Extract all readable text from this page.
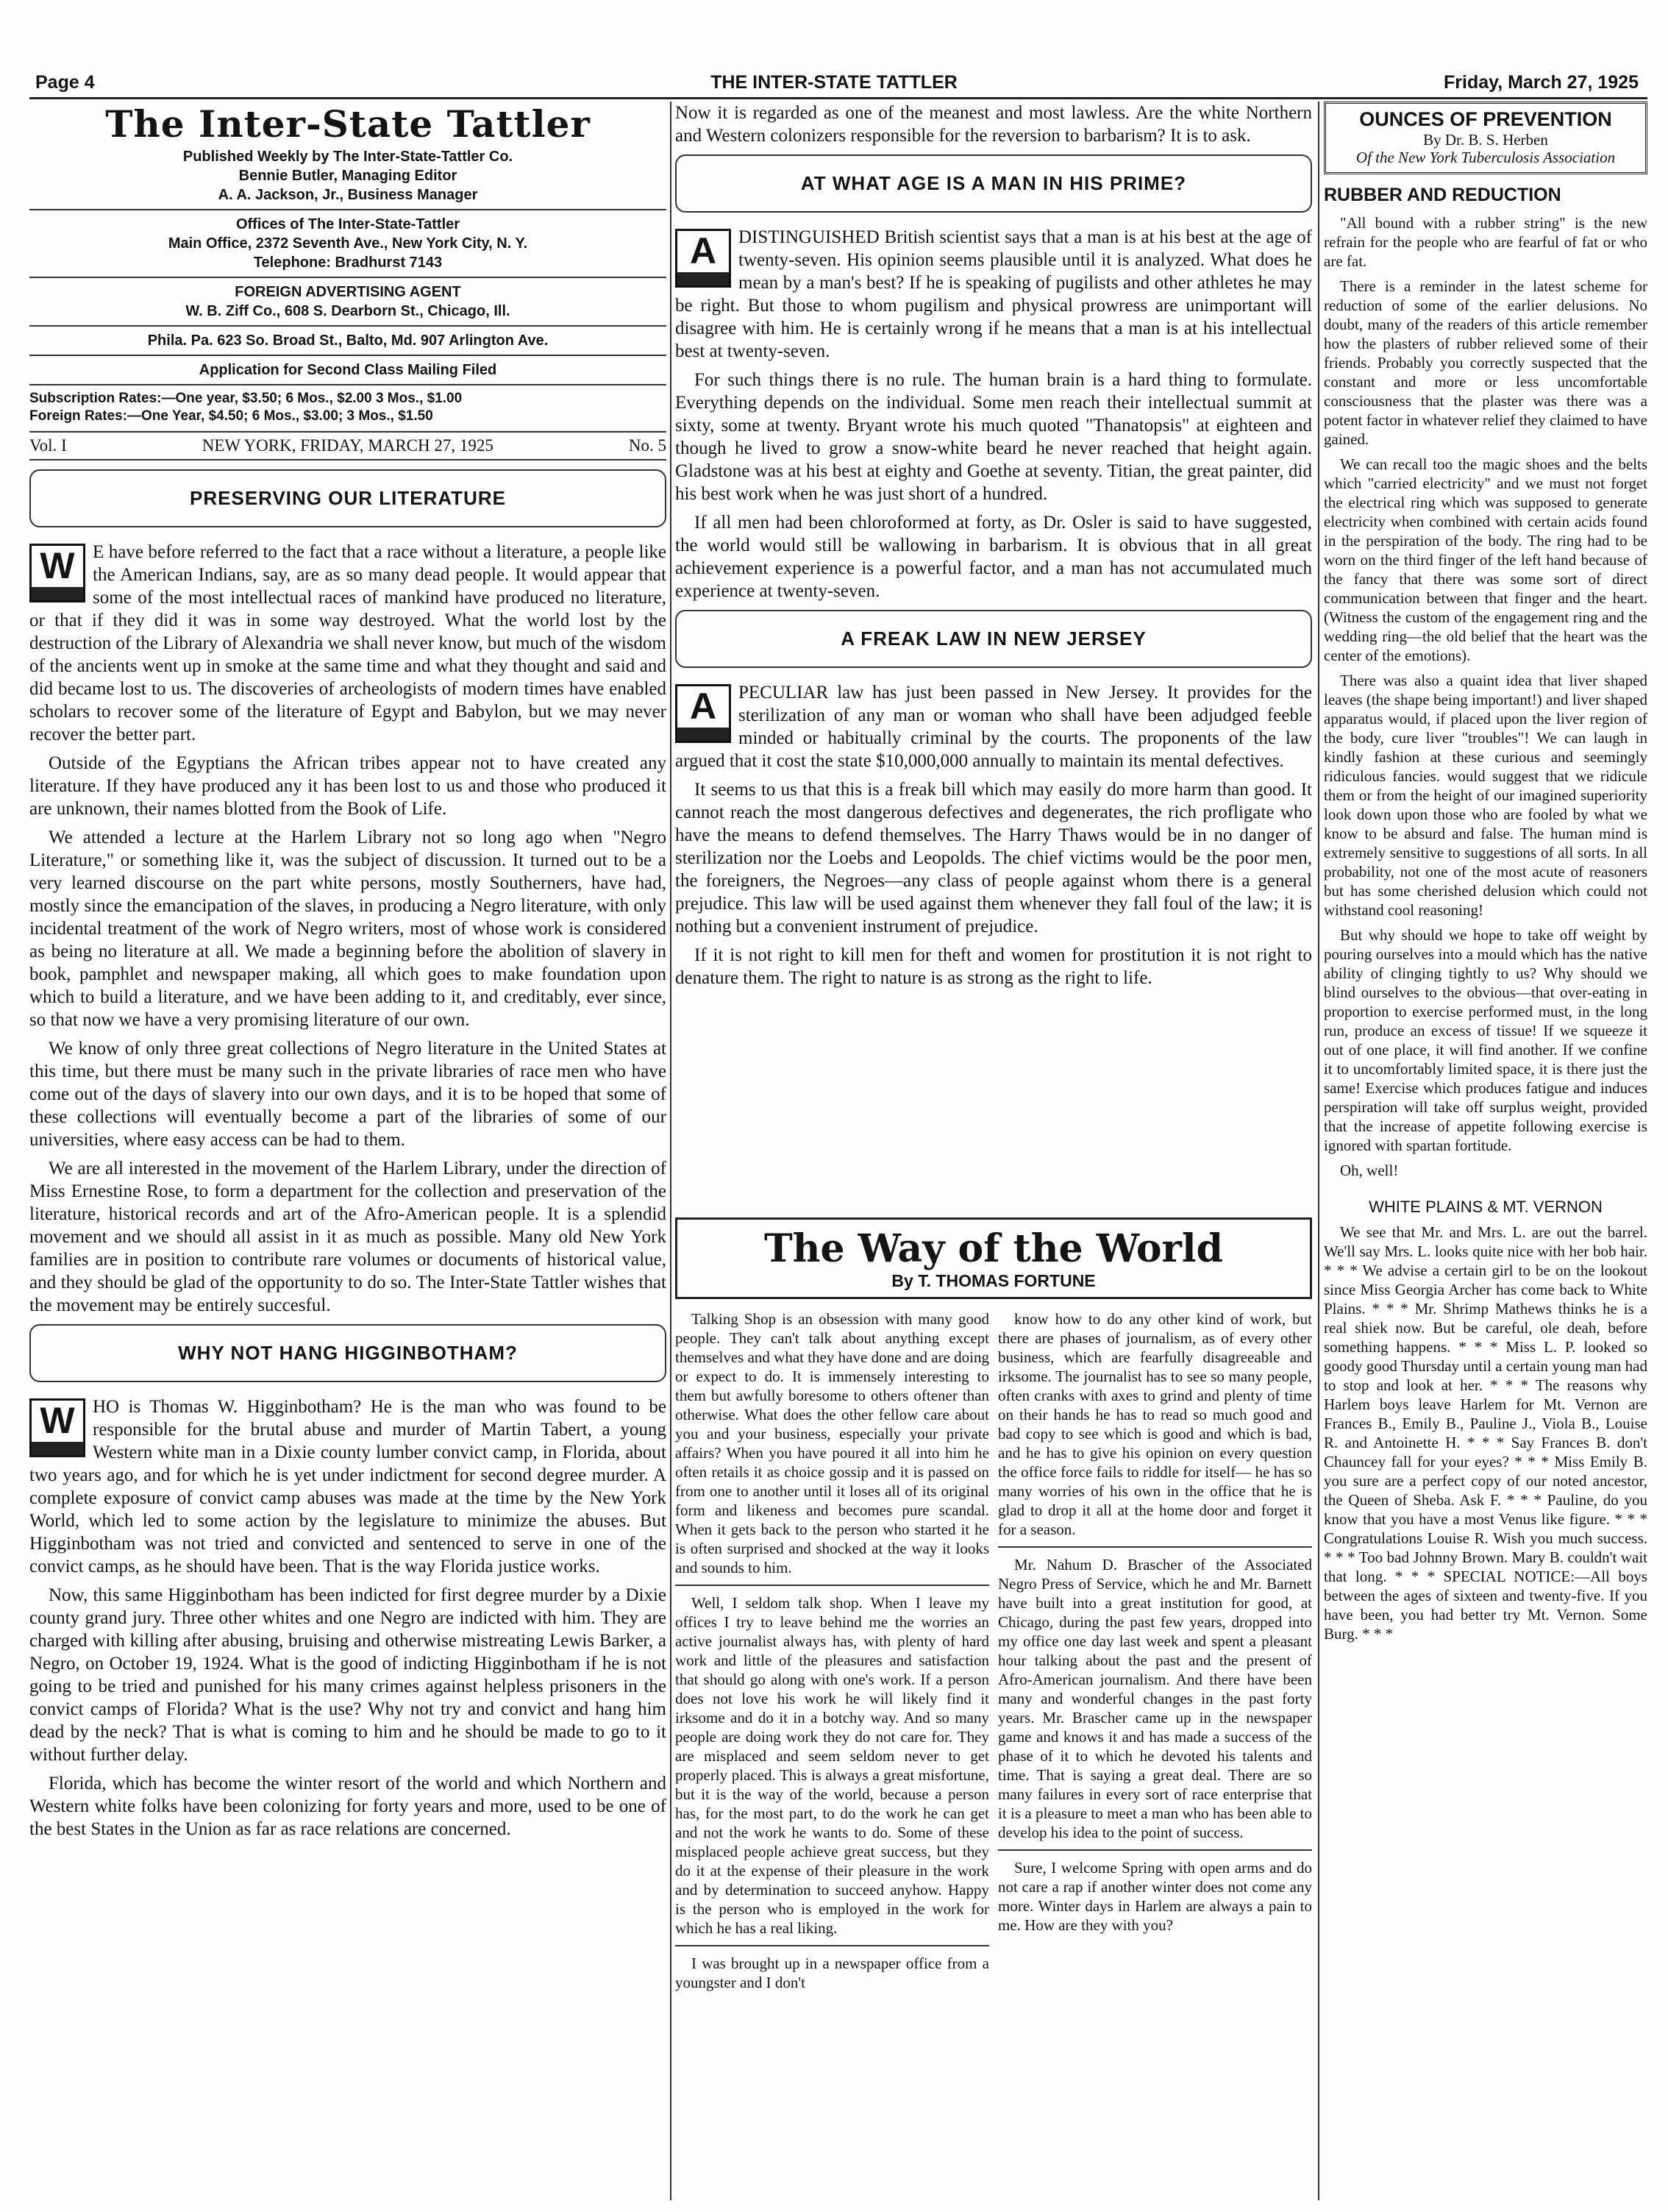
THE INTER-STATE TATTLER
Page 4	Friday, March 27, 1925
The Inter-State Tattler
Published Weekly by The Inter-State-Tattler Co.
Bennie Butler, Managing Editor
A. A. Jackson, Jr., Business Manager
Offices of The Inter-State-Tattler
Main Office, 2372 Seventh Ave., New York City, N. Y.
Telephone: Bradhurst 7143
FOREIGN ADVERTISING AGENT
W. B. Ziff Co., 608 S. Dearborn St., Chicago, Ill.
Phila. Pa. 623 So. Broad St., Balto, Md. 907 Arlington Ave.
Application for Second Class Mailing Filed
Subscription Rates:—One year, $3.50; 6 Mos., $2.00 3 Mos., $1.00
Foreign Rates:—One Year, $4.50; 6 Mos., $3.00; 3 Mos., $1.50
Vol. I	NEW YORK, FRIDAY, MARCH 27, 1925	No. 5
PRESERVING OUR LITERATURE
W E have before referred to the fact that a race without a literature, a people like the American Indians, say, are as so many dead people. It would appear that some of the most intellectual races of mankind have produced no literature, or that if they did it was in some way destroyed. What the world lost by the destruction of the Library of Alexandria we shall never know, but much of the wisdom of the ancients went up in smoke at the same time and what they thought and said and did became lost to us. The discoveries of archeologists of modern times have enabled scholars to recover some of the literature of Egypt and Babylon, but we may never recover the better part.

Outside of the Egyptians the African tribes appear not to have created any literature. If they have produced any it has been lost to us and those who produced it are unknown, their names blotted from the Book of Life.

We attended a lecture at the Harlem Library not so long ago when "Negro Literature," or something like it, was the subject of discussion. It turned out to be a very learned discourse on the part white persons, mostly Southerners, have had, mostly since the emancipation of the slaves, in producing a Negro literature, with only incidental treatment of the work of Negro writers, most of whose work is considered as being no literature at all. We made a beginning before the abolition of slavery in book, pamphlet and newspaper making, all which goes to make foundation upon which to build a literature, and we have been adding to it, and creditably, ever since, so that now we have a very promising literature of our own.

We know of only three great collections of Negro literature in the United States at this time, but there must be many such in the private libraries of race men who have come out of the days of slavery into our own days, and it is to be hoped that some of these collections will eventually become a part of the libraries of some of our universities, where easy access can be had to them.

We are all interested in the movement of the Harlem Library, under the direction of Miss Ernestine Rose, to form a department for the collection and preservation of the literature, historical records and art of the Afro-American people. It is a splendid movement and we should all assist in it as much as possible. Many old New York families are in position to contribute rare volumes or documents of historical value, and they should be glad of the opportunity to do so. The Inter-State Tattler wishes that the movement may be entirely succesful.

WHY NOT HANG HIGGINBOTHAM?
W HO is Thomas W. Higginbotham? He is the man who was found to be responsible for the brutal abuse and murder of Martin Tabert, a young Western white man in a Dixie county lumber convict camp, in Florida, about two years ago, and for which he is yet under indictment for second degree murder. A complete exposure of convict camp abuses was made at the time by the New York World, which led to some action by the legislature to minimize the abuses. But Higginbotham was not tried and convicted and sentenced to serve in one of the convict camps, as he should have been. That is the way Florida justice works.

Now, this same Higginbotham has been indicted for first degree murder by a Dixie county grand jury. Three other whites and one Negro are indicted with him. They are charged with killing after abusing, bruising and otherwise mistreating Lewis Barker, a Negro, on October 19, 1924. What is the good of indicting Higginbotham if he is not going to be tried and punished for his many crimes against helpless prisoners in the convict camps of Florida? What is the use? Why not try and convict and hang him dead by the neck? That is what is coming to him and he should be made to go to it without further delay.

Florida, which has become the winter resort of the world and which Northern and Western white folks have been colonizing for forty years and more, used to be one of the best States in the Union as far as race relations are concerned.

Now it is regarded as one of the meanest and most lawless. Are the white Northern and Western colonizers responsible for the reversion to barbarism? It is to ask.

AT WHAT AGE IS A MAN IN HIS PRIME?
A	DISTINGUISHED British scientist says that a man is at his best at the age of twenty-seven. His opinion seems plausible until it is analyzed. What does he mean by a man's best? If he is speaking of pugilists and other athletes he may be right. But those to whom pugilism and physical prowress are unimportant will disagree with him. He is certainly wrong if he means that a man is at his intellectual best at twenty-seven.

For such things there is no rule. The human brain is a hard thing to formulate. Everything depends on the individual. Some men reach their intellectual summit at sixty, some at twenty. Bryant wrote his much quoted "Thanatopsis" at eighteen and though he lived to grow a snow-white beard he never reached that height again. Gladstone was at his best at eighty and Goethe at seventy. Titian, the great painter, did his best work when he was just short of a hundred.

If all men had been chloroformed at forty, as Dr. Osler is said to have suggested, the world would still be wallowing in barbarism. It is obvious that in all great achievement experience is a powerful factor, and a man has not accumulated much experience at twenty-seven.

A FREAK LAW IN NEW JERSEY
A	PECULIAR law has just been passed in New Jersey. It provides for the sterilization of any man or woman who shall have been adjudged feeble minded or habitually criminal by the courts. The proponents of the law argued that it cost the state $10,000,000 annually to maintain its mental defectives.

It seems to us that this is a freak bill which may easily do more harm than good. It cannot reach the most dangerous defectives and degenerates, the rich profligate who have the means to defend themselves. The Harry Thaws would be in no danger of sterilization nor the Loebs and Leopolds. The chief victims would be the poor men, the foreigners, the Negroes—any class of people against whom there is a general prejudice. This law will be used against them whenever they fall foul of the law; it is nothing but a convenient instrument of prejudice.

If it is not right to kill men for theft and women for prostitution it is not right to denature them. The right to nature is as strong as the right to life.

The Way of the World
By T. THOMAS FORTUNE

Talking Shop is an obsession with many good people. They can't talk about anything except themselves and what they have done and are doing or expect to do. It is immensely interesting to them but awfully boresome to others oftener than otherwise. What does the other fellow care about you and your business, especially your private affairs? When you have poured it all into him he often retails it as choice gossip and it is passed on from one to another until it loses all of its original form and likeness and becomes pure scandal. When it gets back to the person who started it he is often surprised and shocked at the way it looks and sounds to him.

Well, I seldom talk shop. When I leave my offices I try to leave behind me the worries an active journalist always has, with plenty of hard work and little of the pleasures and satisfaction that should go along with one's work. If a person does not love his work he will likely find it irksome and do it in a botchy way. And so many people are doing work they do not care for. They are misplaced and seem seldom never to get properly placed. This is always a great misfortune, but it is the way of the world, because a person has, for the most part, to do the work he can get and not the work he wants to do. Some of these misplaced people achieve great success, but they do it at the expense of their pleasure in the work and by determination to succeed anyhow. Happy is the person who is employed in the work for which he has a real liking.

I was brought up in a newspaper office from a youngster and I don't

know how to do any other kind of work, but there are phases of journalism, as of every other business, which are fearfully disagreeable and irksome. The journalist has to see so many people, often cranks with axes to grind and plenty of time on their hands he has to read so much good and bad copy to see which is good and which is bad, and he has to give his opinion on every question the office force fails to riddle for itself— he has so many worries of his own in the office that he is glad to drop it all at the home door and forget it for a season.

Mr. Nahum D. Brascher of the Associated Negro Press of Service, which he and Mr. Barnett have built into a great institution for good, at Chicago, during the past few years, dropped into my office one day last week and spent a pleasant hour talking about the past and the present of Afro-American journalism. And there have been many and wonderful changes in the past forty years. Mr. Brascher came up in the newspaper game and knows it and has made a success of the phase of it to which he devoted his talents and time. That is saying a great deal. There are so many failures in every sort of race enterprise that it is a pleasure to meet a man who has been able to develop his idea to the point of success.

Sure, I welcome Spring with open arms and do not care a rap if another winter does not come any more. Winter days in Harlem are always a pain to me. How are they with you?

OUNCES OF PREVENTION
By Dr. B. S. Herben
Of the New York Tuberculosis Association
RUBBER AND REDUCTION

"All bound with a rubber string" is the new refrain for the people who are fearful of fat or who are fat.

There is a reminder in the latest scheme for reduction of some of the earlier delusions. No doubt, many of the readers of this article remember how the plasters of rubber relieved some of their friends. Probably you correctly suspected that the constant and more or less uncomfortable consciousness that the plaster was there was a potent factor in whatever relief they claimed to have gained.

We can recall too the magic shoes and the belts which "carried electricity" and we must not forget the electrical ring which was supposed to generate electricity when combined with certain acids found in the perspiration of the body. The ring had to be worn on the third finger of the left hand because of the fancy that there was some sort of direct communication between that finger and the heart. (Witness the custom of the engagement ring and the wedding ring—the old belief that the heart was the center of the emotions).

There was also a quaint idea that liver shaped leaves (the shape being important!) and liver shaped apparatus would, if placed upon the liver region of the body, cure liver "troubles"! We can laugh in kindly fashion at these curious and seemingly ridiculous fancies. would suggest that we ridicule them or from the height of our imagined superiority look down upon those who are fooled by what we know to be absurd and false. The human mind is extremely sensitive to suggestions of all sorts. In all probability, not one of the most acute of reasoners but has some cherished delusion which could not withstand cool reasoning!

But why should we hope to take off weight by pouring ourselves into a mould which has the native ability of clinging tightly to us? Why should we blind ourselves to the obvious—that over-eating in proportion to exercise performed must, in the long run, produce an excess of tissue! If we squeeze it out of one place, it will find another. If we confine it to uncomfortably limited space, it is there just the same! Exercise which produces fatigue and induces perspiration will take off surplus weight, provided that the increase of appetite following exercise is ignored with spartan fortitude.

Oh, well!

WHITE PLAINS & MT. VERNON

We see that Mr. and Mrs. L. are out the barrel. We'll say Mrs. L. looks quite nice with her bob hair. * * * We advise a certain girl to be on the lookout since Miss Georgia Archer has come back to White Plains. * * * Mr. Shrimp Mathews thinks he is a real shiek now. But be careful, ole deah, before something happens. * * * Miss L. P. looked so goody good Thursday until a certain young man had to stop and look at her. * * * The reasons why Harlem boys leave Harlem for Mt. Vernon are Frances B., Emily B., Pauline J., Viola B., Louise R. and Antoinette H. * * * Say Frances B. don't Chauncey fall for your eyes? * * * Miss Emily B. you sure are a perfect copy of our noted ancestor, the Queen of Sheba. Ask F. * * * Pauline, do you know that you have a most Venus like figure. * * * Congratulations Louise R. Wish you much success. * * * Too bad Johnny Brown. Mary B. couldn't wait that long. * * * SPECIAL NOTICE:—All boys between the ages of sixteen and twenty-five. If you have been, you had better try Mt. Vernon. Some Burg. * * *
